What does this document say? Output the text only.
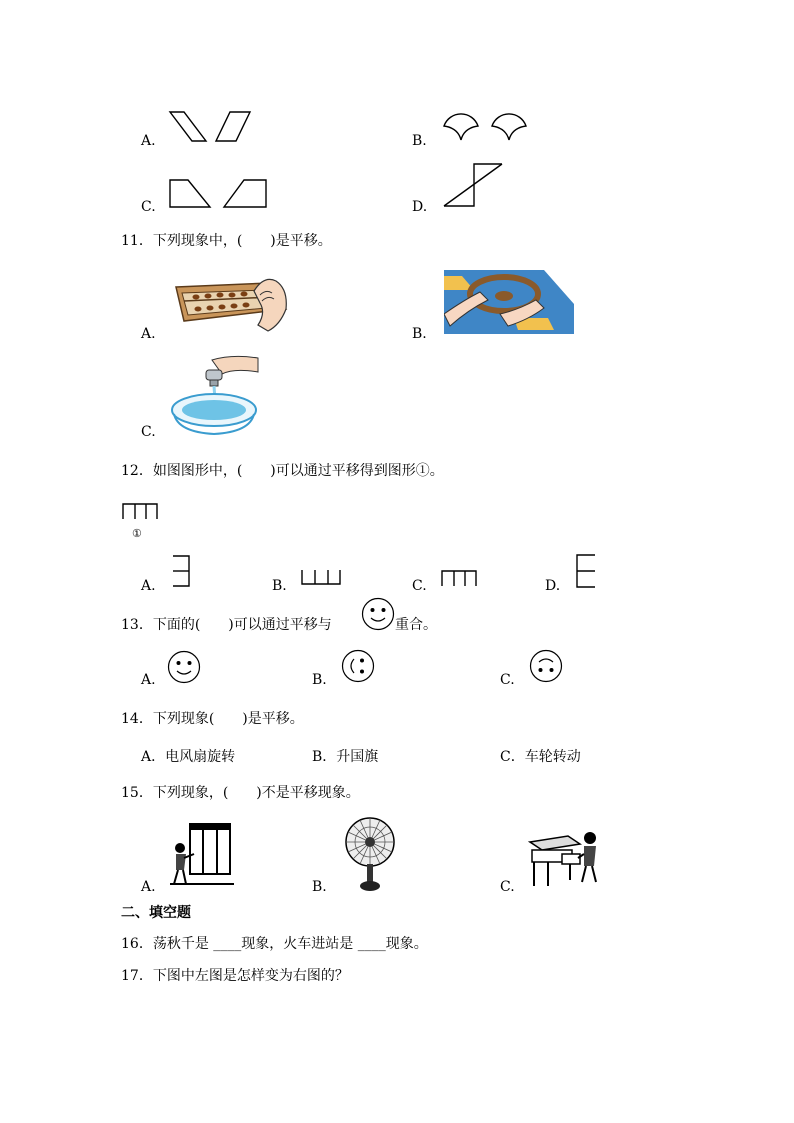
A.	B.
C.	D.
11．下列现象中，(　　)是平移。
A.	B.
C.
12．如图图形中，(　　)可以通过平移得到图形①。
①
A.	B.	C.	D.
13．下面的(　　)可以通过平移与	重合。
A.	B.	C.
14．下列现象(　　)是平移。
A．电风扇旋转	B．升国旗	C．车轮转动
15．下列现象，(　　)不是平移现象。
A.	B.	C.
二、填空题
16．荡秋千是 ____现象，火车进站是 ____现象。
17．下图中左图是怎样变为右图的？
